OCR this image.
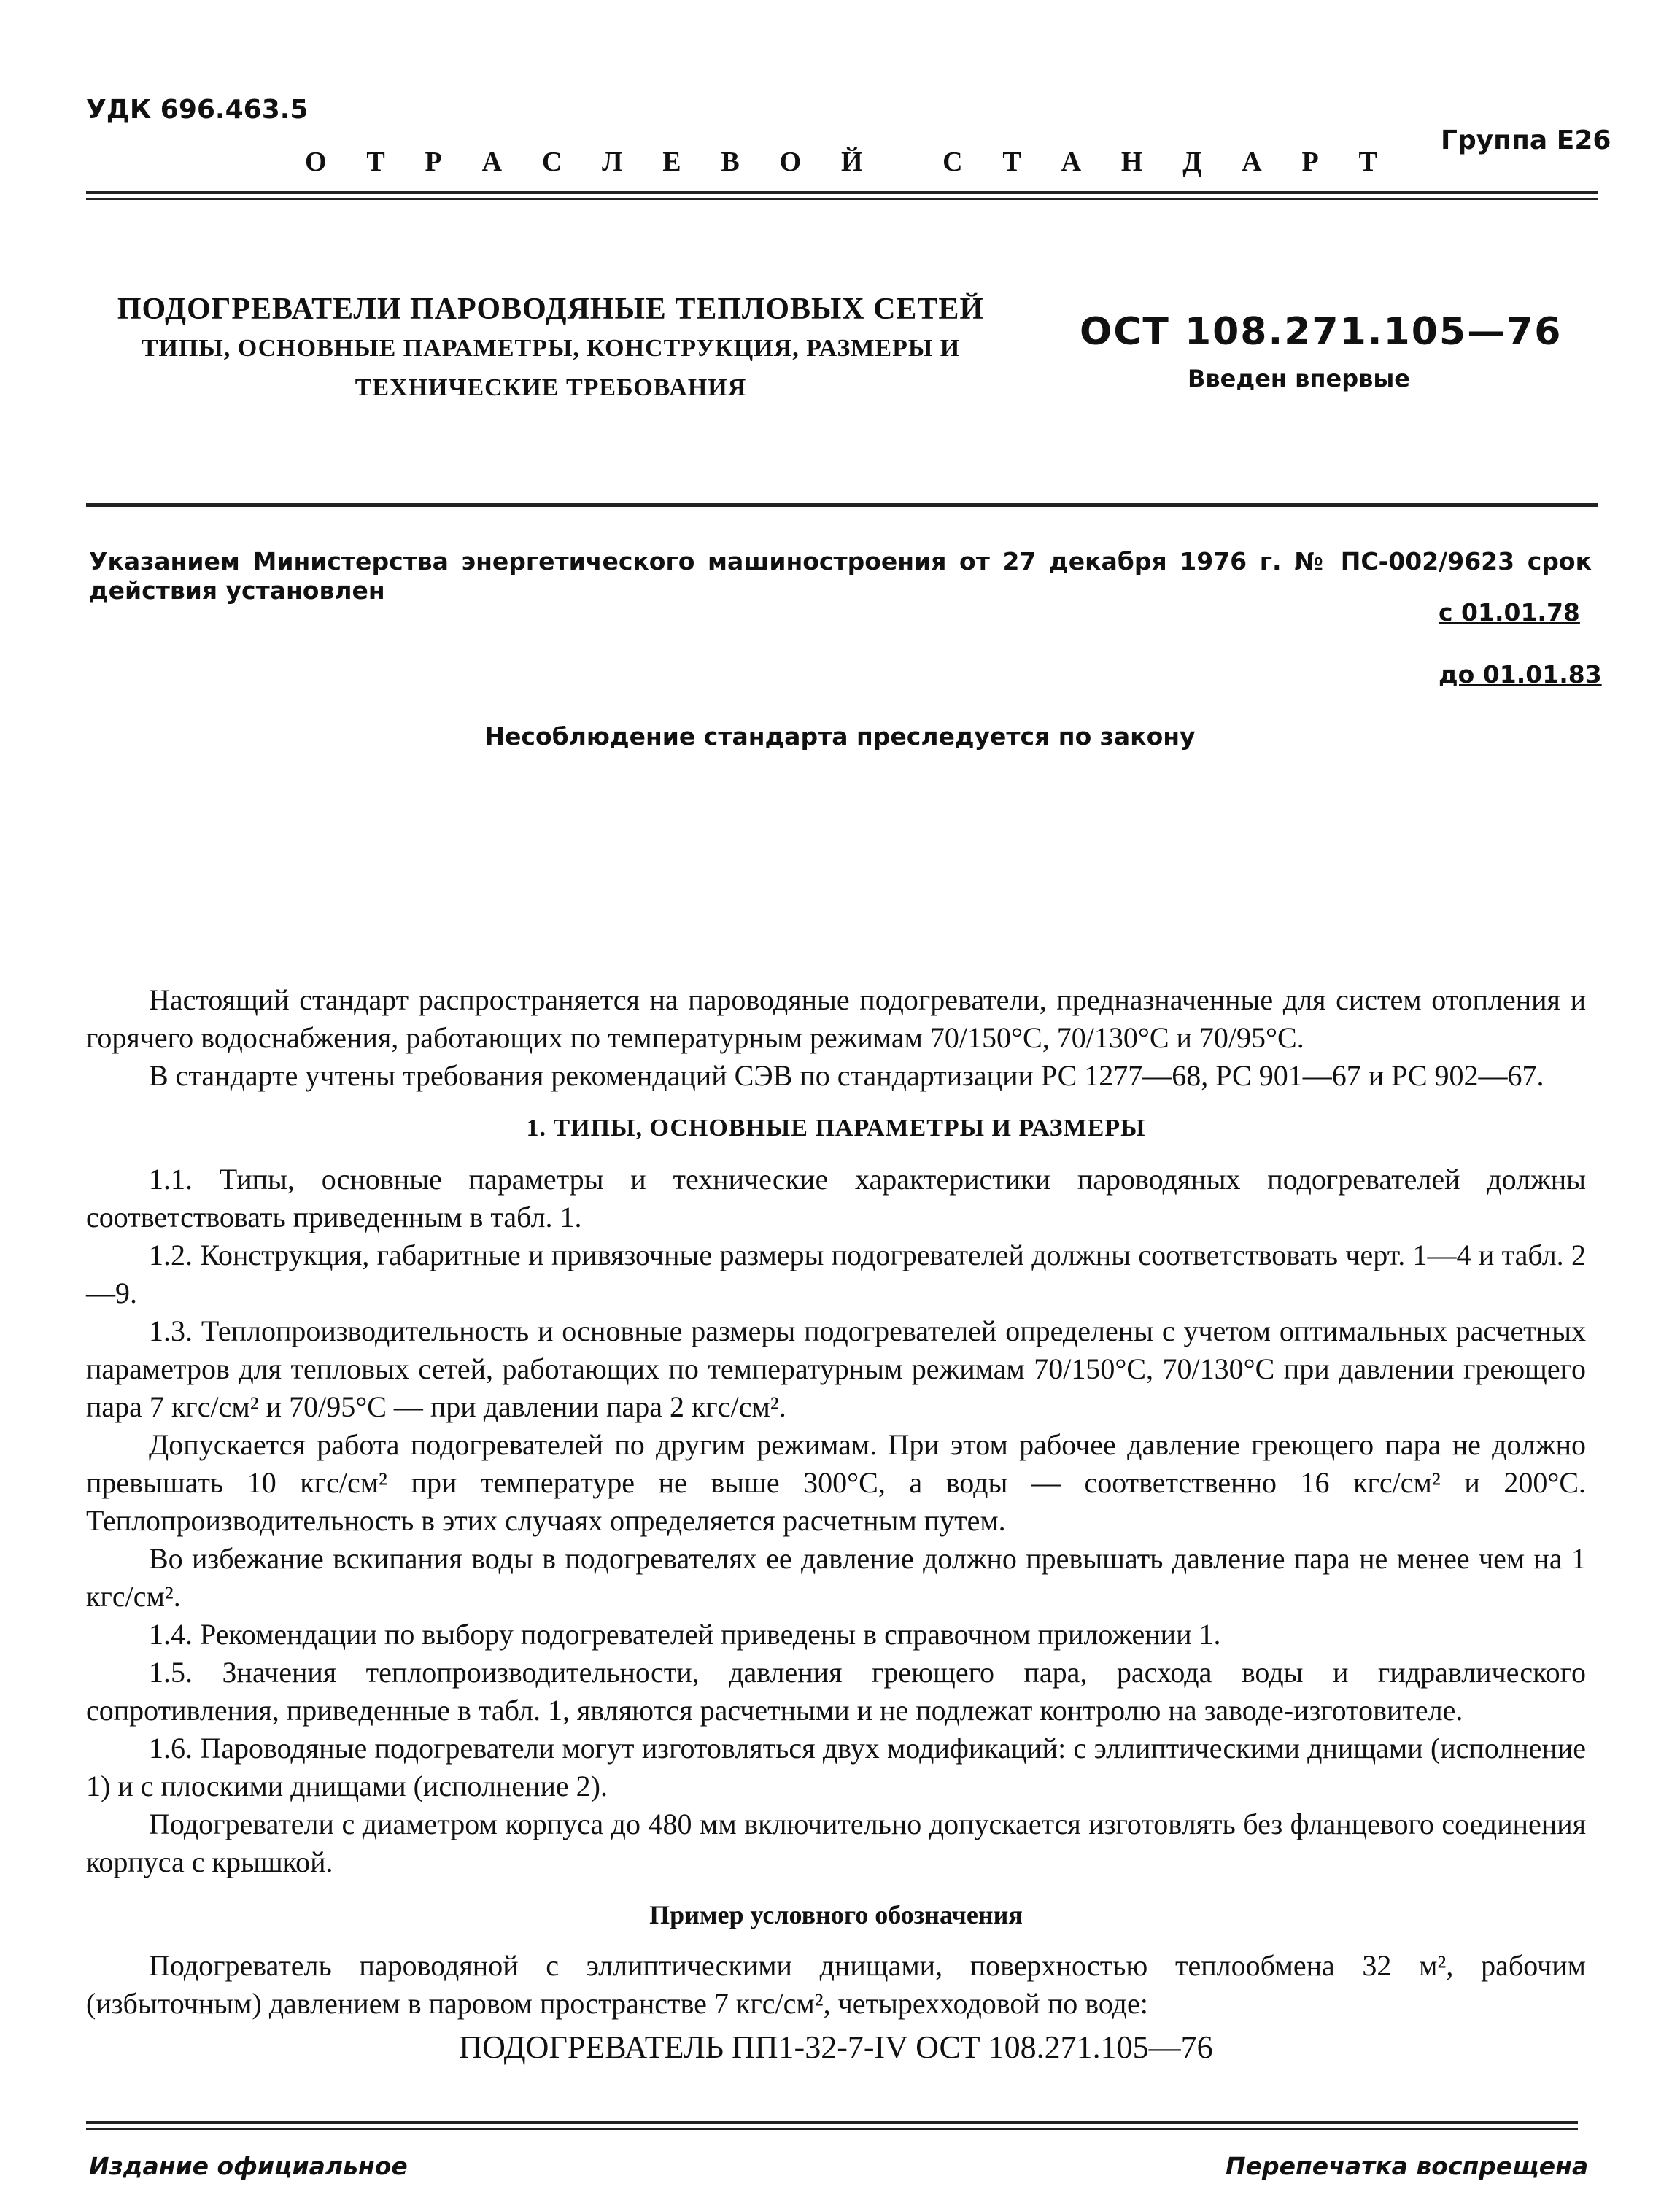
УДК 696.463.5
Группа Е26
О Т Р А С Л Е В О Й	С Т А Н Д А Р Т
ПОДОГРЕВАТЕЛИ ПАРОВОДЯНЫЕ ТЕПЛОВЫХ СЕТЕЙ
ТИПЫ, ОСНОВНЫЕ ПАРАМЕТРЫ, КОНСТРУКЦИЯ, РАЗМЕРЫ И
ТЕХНИЧЕСКИЕ ТРЕБОВАНИЯ
ОСТ 108.271.105—76
Введен впервые
Указанием Министерства энергетического машиностроения от 27 декабря 1976 г. № ПС-002/9623 срок действия установлен
с 01.01.78
до 01.01.83
Несоблюдение стандарта преследуется по закону

Настоящий стандарт распространяется на пароводяные подогреватели, предназначенные для систем отопления и горячего водоснабжения, работающих по температурным режимам 70/150°С, 70/130°С и 70/95°С.

В стандарте учтены требования рекомендаций СЭВ по стандартизации РС 1277—68, РС 901—67 и РС 902—67.

1. ТИПЫ, ОСНОВНЫЕ ПАРАМЕТРЫ И РАЗМЕРЫ

1.1. Типы, основные параметры и технические характеристики пароводяных подогревателей должны соответствовать приведенным в табл. 1.

1.2. Конструкция, габаритные и привязочные размеры подогревателей должны соответствовать черт. 1—4 и табл. 2—9.

1.3. Теплопроизводительность и основные размеры подогревателей определены с учетом оптимальных расчетных параметров для тепловых сетей, работающих по температурным режимам 70/150°С, 70/130°С при давлении греющего пара 7 кгс/см² и 70/95°С — при давлении пара 2 кгс/см².

Допускается работа подогревателей по другим режимам. При этом рабочее давление греющего пара не должно превышать 10 кгс/см² при температуре не выше 300°С, а воды — соответственно 16 кгс/см² и 200°С. Теплопроизводительность в этих случаях определяется расчетным путем.

Во избежание вскипания воды в подогревателях ее давление должно превышать давление пара не менее чем на 1 кгс/см².

1.4. Рекомендации по выбору подогревателей приведены в справочном приложении 1.

1.5. Значения теплопроизводительности, давления греющего пара, расхода воды и гидравлического сопротивления, приведенные в табл. 1, являются расчетными и не подлежат контролю на заводе-изготовителе.

1.6. Пароводяные подогреватели могут изготовляться двух модификаций: с эллиптическими днищами (исполнение 1) и с плоскими днищами (исполнение 2).

Подогреватели с диаметром корпуса до 480 мм включительно допускается изготовлять без фланцевого соединения корпуса с крышкой.

Пример условного обозначения

Подогреватель пароводяной с эллиптическими днищами, поверхностью теплообмена 32 м², рабочим (избыточным) давлением в паровом пространстве 7 кгс/см², четырехходовой по воде:

ПОДОГРЕВАТЕЛЬ ПП1-32-7-IV ОСТ 108.271.105—76
Издание официальное	Перепечатка воспрещена
